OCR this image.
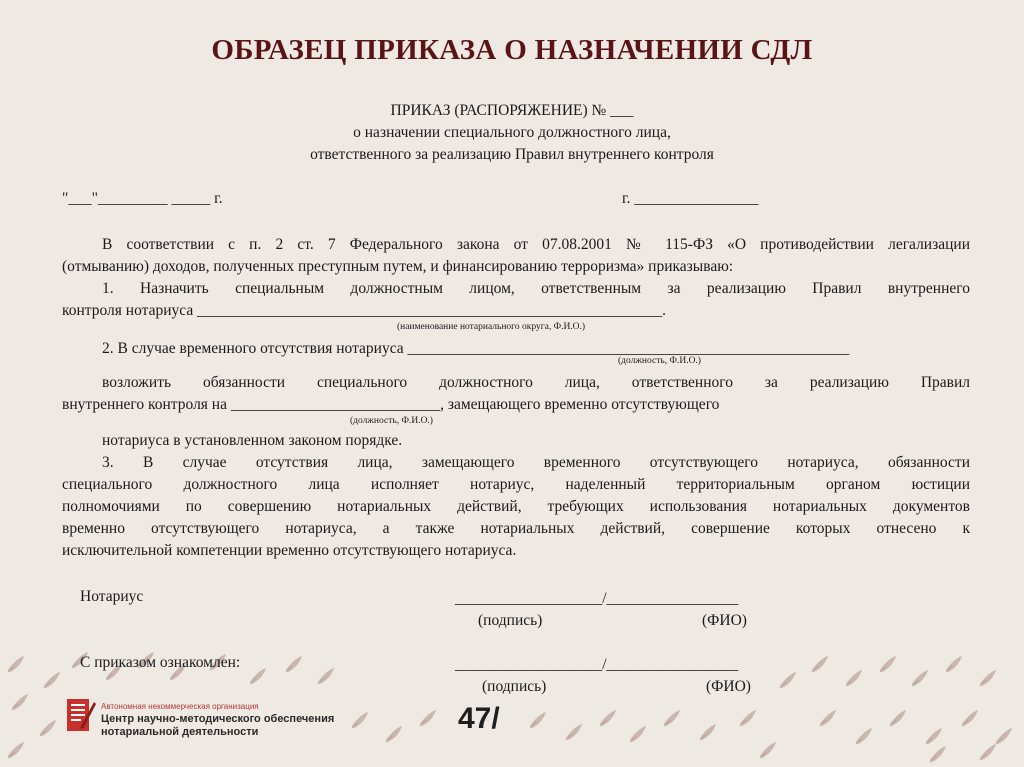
ОБРАЗЕЦ ПРИКАЗА О НАЗНАЧЕНИИ СДЛ
ПРИКАЗ (РАСПОРЯЖЕНИЕ) № ___
о назначении специального должностного лица,
ответственного за реализацию Правил внутреннего контроля
"___"_________ _____ г.	г. ________________
В соответствии с п. 2 ст. 7 Федерального закона от 07.08.2001 № 115-ФЗ «О противодействии легализации
(отмыванию) доходов, полученных преступным путем, и финансированию терроризма» приказываю:
1. Назначить специальным должностным лицом, ответственным за реализацию Правил внутреннего
контроля нотариуса ____________________________________________________________.
(наименование нотариального округа, Ф.И.О.)
2. В случае временного отсутствия нотариуса _________________________________________________________
(должность, Ф.И.О.)
возложить обязанности специального должностного лица, ответственного за реализацию Правил
внутреннего контроля на ___________________________, замещающего временно отсутствующего
(должность, Ф.И.О.)
нотариуса в установленном законом порядке.
3. В случае отсутствия лица, замещающего временного отсутствующего нотариуса, обязанности
специального должностного лица исполняет нотариус, наделенный территориальным органом юстиции
полномочиями по совершению нотариальных действий, требующих использования нотариальных документов
временно отсутствующего нотариуса, а также нотариальных действий, совершение которых отнесено к
исключительной компетенции временно отсутствующего нотариуса.
Нотариус	___________________/_________________
(подпись)	(ФИО)
С приказом ознакомлен:	___________________/_________________
(подпись)	(ФИО)
Автономная некоммерческая организация
Центр научно-методического обеспечения
нотариальной деятельности	47/
